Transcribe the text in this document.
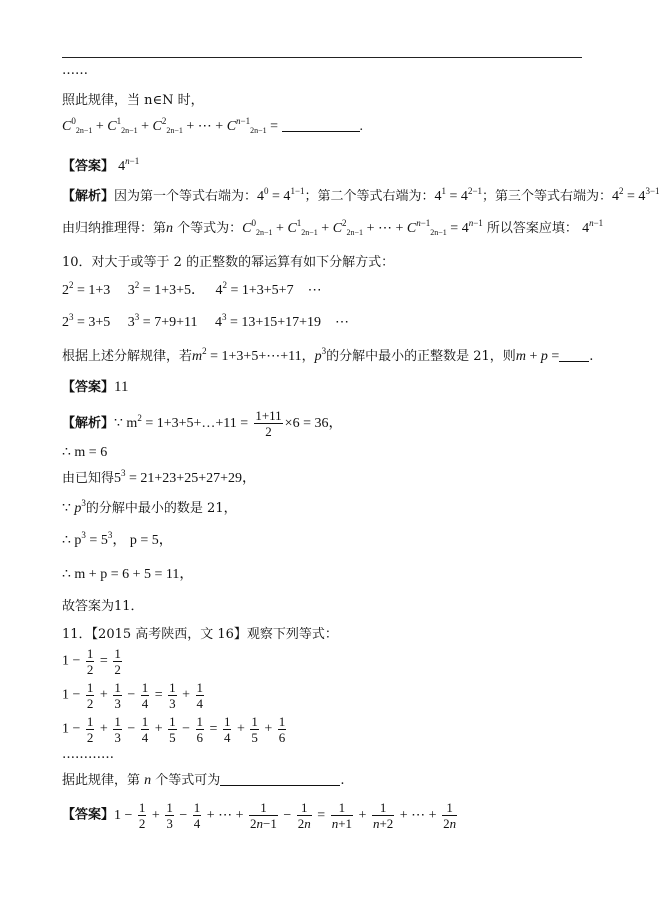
……
照此规律，当 n∈N 时，
$C^0_{2n-1} + C^1_{2n-1} + C^2_{2n-1}$ + ⋯ + $C^{n-1}_{2n-1}$ =	.
【答案】 $4^{n-1}$
【解析】因为第一个等式右端为：$4^0 = 4^{1-1}$；第二个等式右端为：$4^1 = 4^{2-1}$；第三个等式右端为：$4^2 = 4^{3-1}$
由归纳推理得：第n 个等式为：$C^0_{2n-1} + C^1_{2n-1} + C^2_{2n-1}$ + ⋯ + $C^{n-1}_{2n-1} = 4^{n-1}$ 所以答案应填： $4^{n-1}$
10．对大于或等于 2 的正整数的幂运算有如下分解方式：
$2^2 = 1+3$     $3^2 = 1+3+5$．   $4^2 = 1+3+5+7$    ⋯
$2^3 = 3+5$     $3^3 = 7+9+11$     $4^3 = 13+15+17+19$    ⋯
根据上述分解规律，若$m^2$ = 1+3+5+⋯+11，$p^3$的分解中最小的正整数是 21，则m + p = .
【答案】11
【解析】∵ $m^2$ = 1+3+5+…+11 = $\frac{1+11}{2} \times 6 = 36$，
∴ m = 6
由已知得$5^3 = 21+23+25+27+29$，
∵ $p^3$的分解中最小的数是 21，
∴ $p^3 = 5^3$， p = 5，
∴ m + p = 6 + 5 = 11，
故答案为11．
11．【2015 高考陕西，文 16】观察下列等式：
$1 - \frac{1}{2} = \frac{1}{2}$
$1 - \frac{1}{2} + \frac{1}{3} - \frac{1}{4} = \frac{1}{3} + \frac{1}{4}$
$1 - \frac{1}{2} + \frac{1}{3} - \frac{1}{4} + \frac{1}{5} - \frac{1}{6} = \frac{1}{4} + \frac{1}{5} + \frac{1}{6}$
…………
据此规律，第 n 个等式可为	.
【答案】$1 - \frac{1}{2} + \frac{1}{3} - \frac{1}{4}$ + ⋯ + $\frac{1}{2n-1} - \frac{1}{2n} = \frac{1}{n+1} + \frac{1}{n+2}$ + ⋯ + $\frac{1}{2n}$
